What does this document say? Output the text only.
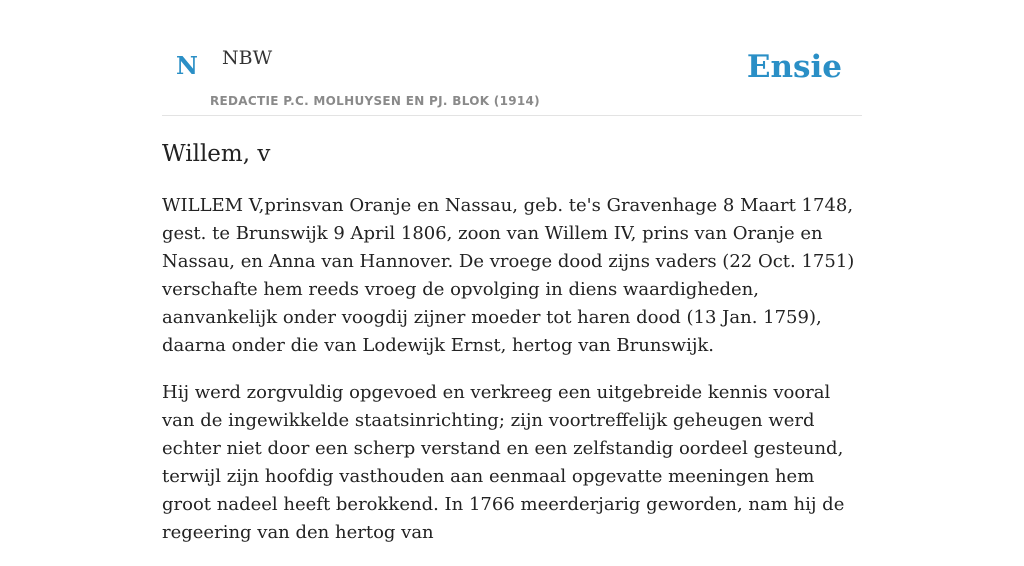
N NBW
REDACTIE P.C. MOLHUYSEN EN PJ. BLOK (1914)
Ensie
Willem, v

WILLEM V,prinsvan Oranje en Nassau, geb. te's Gravenhage 8 Maart 1748, gest. te Brunswijk 9 April 1806, zoon van Willem IV, prins van Oranje en Nassau, en Anna van Hannover. De vroege dood zijns vaders (22 Oct. 1751) verschafte hem reeds vroeg de opvolging in diens waardigheden, aanvankelijk onder voogdij zijner moeder tot haren dood (13 Jan. 1759), daarna onder die van Lodewijk Ernst, hertog van Brunswijk.

Hij werd zorgvuldig opgevoed en verkreeg een uitgebreide kennis vooral van de ingewikkelde staatsinrichting; zijn voortreffelijk geheugen werd echter niet door een scherp verstand en een zelfstandig oordeel gesteund, terwijl zijn hoofdig vasthouden aan eenmaal opgevatte meeningen hem groot nadeel heeft berokkend. In 1766 meerderjarig geworden, nam hij de regeering van den hertog van
